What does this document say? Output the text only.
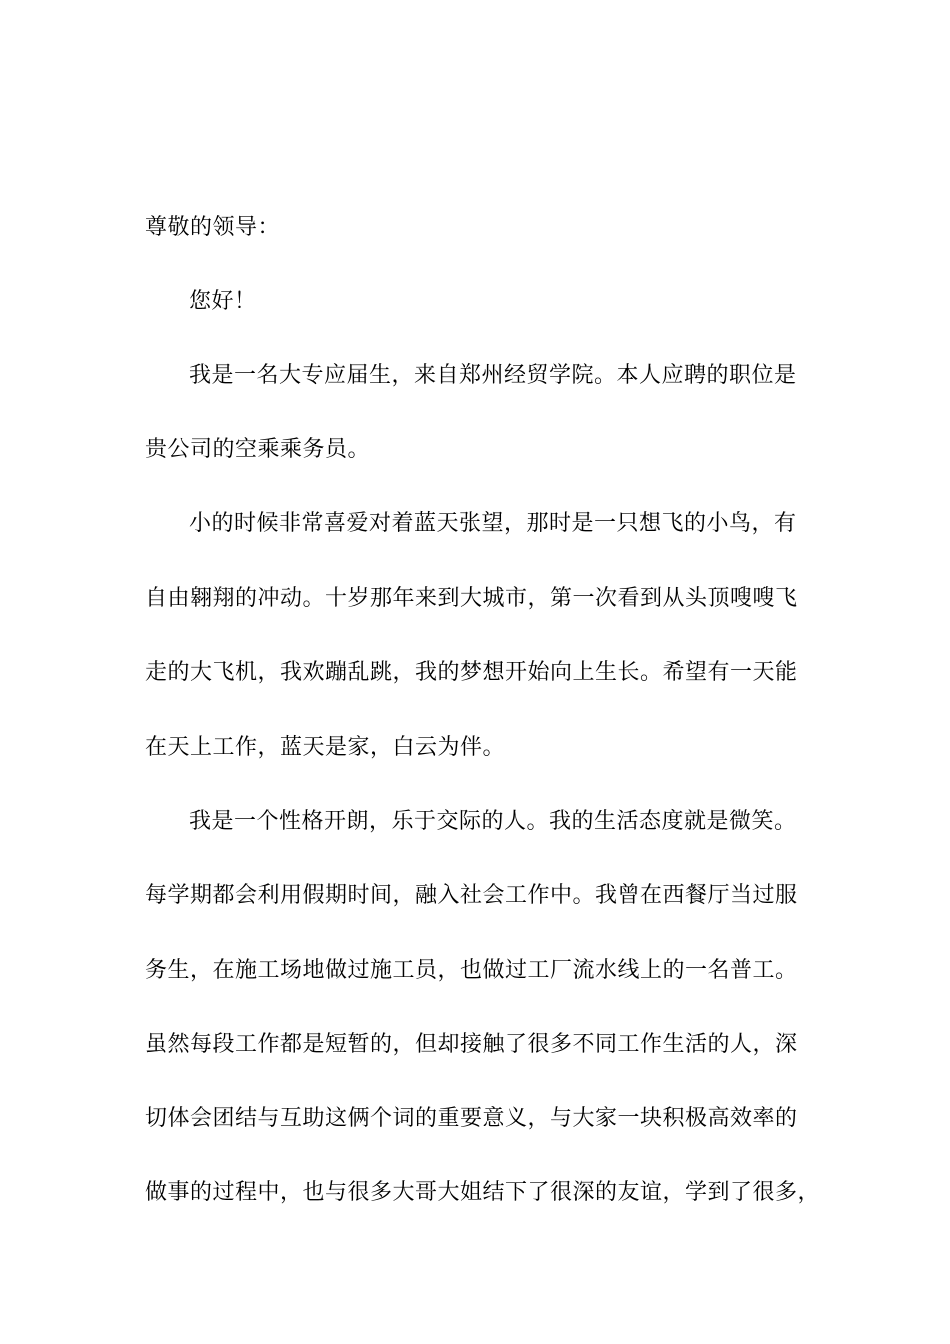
尊敬的领导：
您好！
我是一名大专应届生，来自郑州经贸学院。本人应聘的职位是
贵公司的空乘乘务员。
小的时候非常喜爱对着蓝天张望，那时是一只想飞的小鸟，有
自由翱翔的冲动。十岁那年来到大城市，第一次看到从头顶嗖嗖飞
走的大飞机，我欢蹦乱跳，我的梦想开始向上生长。希望有一天能
在天上工作，蓝天是家，白云为伴。
我是一个性格开朗，乐于交际的人。我的生活态度就是微笑。
每学期都会利用假期时间，融入社会工作中。我曾在西餐厅当过服
务生，在施工场地做过施工员，也做过工厂流水线上的一名普工。
虽然每段工作都是短暂的，但却接触了很多不同工作生活的人，深
切体会团结与互助这俩个词的重要意义，与大家一块积极高效率的
做事的过程中，也与很多大哥大姐结下了很深的友谊，学到了很多，
